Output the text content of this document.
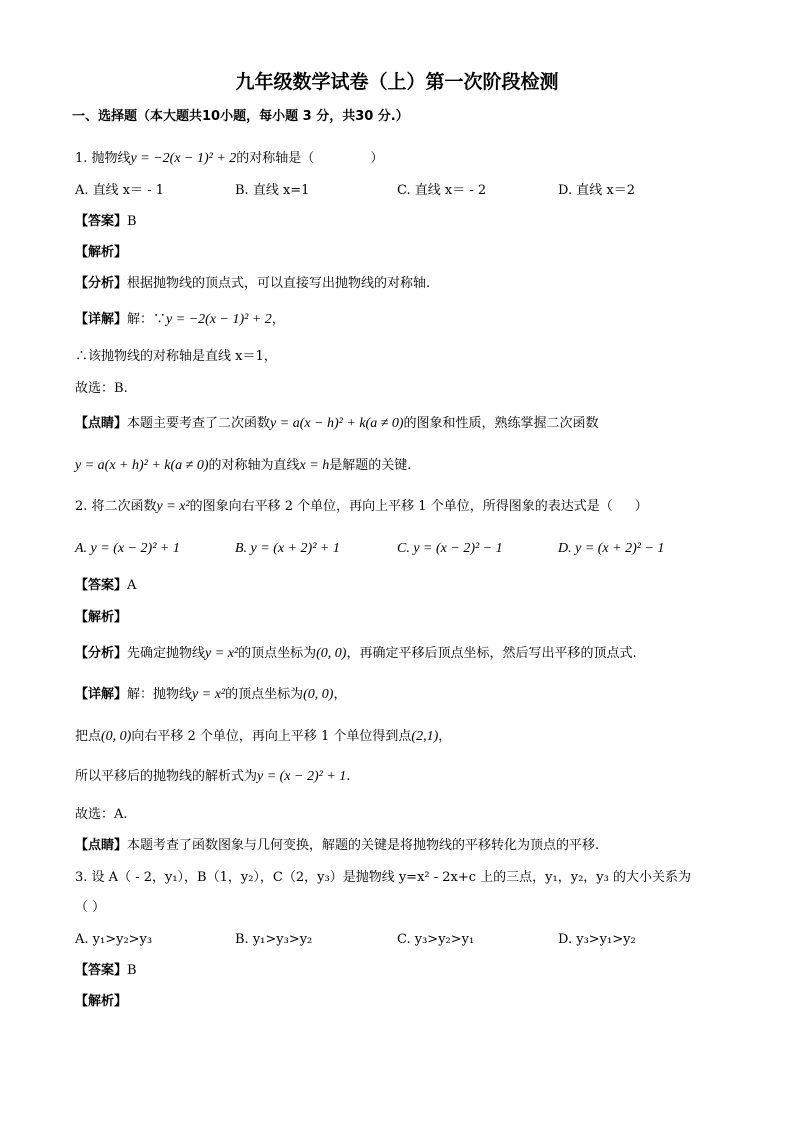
九年级数学试卷（上）第一次阶段检测
一、选择题（本大题共10小题，每小题 3 分，共30 分.）
1. 抛物线y = −2(x − 1)² + 2的对称轴是（	）
A. 直线 x＝ - 1	B. 直线 x=1	C. 直线 x＝ - 2	D. 直线 x＝2
【答案】B
【解析】
【分析】根据抛物线的顶点式，可以直接写出抛物线的对称轴.
【详解】解：∵y = −2(x − 1)² + 2，
∴该抛物线的对称轴是直线 x＝1，
故选：B.
【点睛】本题主要考查了二次函数y = a(x − h)² + k(a ≠ 0)的图象和性质，熟练掌握二次函数
y = a(x + h)² + k(a ≠ 0)的对称轴为直线x = h是解题的关键.
2. 将二次函数y = x²的图象向右平移 2 个单位，再向上平移 1 个单位，所得图象的表达式是（ ）
A. y = (x − 2)² + 1	B. y = (x + 2)² + 1	C. y = (x − 2)² − 1	D. y = (x + 2)² − 1
【答案】A
【解析】
【分析】先确定抛物线y = x²的顶点坐标为(0, 0)，再确定平移后顶点坐标，然后写出平移的顶点式.
【详解】解：抛物线y = x²的顶点坐标为(0, 0)，
把点(0, 0)向右平移 2 个单位，再向上平移 1 个单位得到点(2,1)，
所以平移后的抛物线的解析式为y = (x − 2)² + 1.
故选：A.
【点睛】本题考查了函数图象与几何变换，解题的关键是将抛物线的平移转化为顶点的平移.
3. 设 A（ - 2，y₁），B（1，y₂），C（2，y₃）是抛物线 y=x² - 2x+c 上的三点，y₁，y₂，y₃ 的大小关系为
（ ）
A. y₁>y₂>y₃	B. y₁>y₃>y₂	C. y₃>y₂>y₁	D. y₃>y₁>y₂
【答案】B
【解析】
